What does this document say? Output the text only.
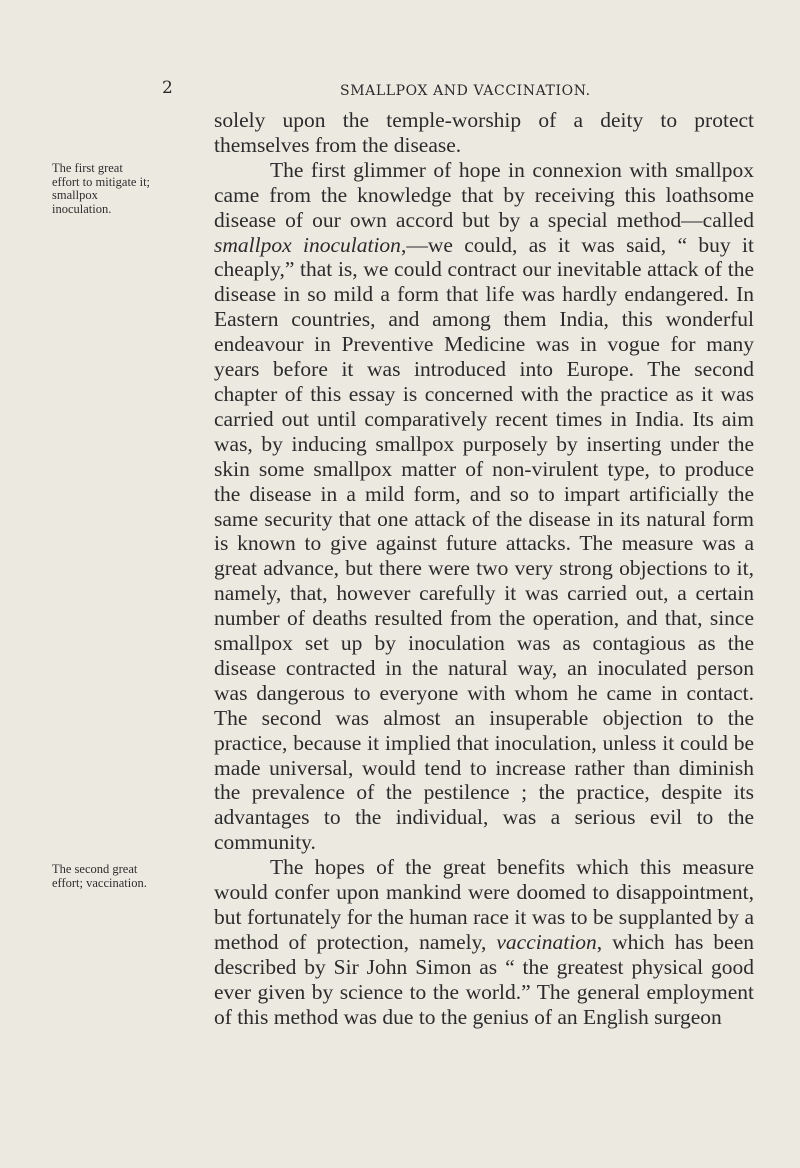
2	SMALLPOX AND VACCINATION.
The first great effort to mitigate it; smallpox inoculation.
The second great effort; vaccination.

solely upon the temple-worship of a deity to protect themselves from the disease.

The first glimmer of hope in connexion with smallpox came from the knowledge that by receiving this loathsome disease of our own accord but by a special method—called smallpox inoculation,—we could, as it was said, “ buy it cheaply,” that is, we could contract our inevitable attack of the disease in so mild a form that life was hardly endangered. In Eastern countries, and among them India, this wonderful endeavour in Preventive Medicine was in vogue for many years before it was introduced into Europe. The second chapter of this essay is concerned with the practice as it was carried out until comparatively recent times in India. Its aim was, by inducing smallpox purposely by inserting under the skin some smallpox matter of non-virulent type, to produce the disease in a mild form, and so to impart artificially the same security that one attack of the disease in its natural form is known to give against future attacks. The measure was a great advance, but there were two very strong objections to it, namely, that, however carefully it was carried out, a certain number of deaths resulted from the operation, and that, since smallpox set up by inoculation was as contagious as the disease contracted in the natural way, an inoculated person was dangerous to everyone with whom he came in contact. The second was almost an insuperable objection to the practice, because it implied that inoculation, unless it could be made universal, would tend to increase rather than diminish the prevalence of the pestilence ; the practice, despite its advantages to the individual, was a serious evil to the community.

The hopes of the great benefits which this measure would confer upon mankind were doomed to disappointment, but fortunately for the human race it was to be supplanted by a method of protection, namely, vaccination, which has been described by Sir John Simon as “ the greatest physical good ever given by science to the world.” The general employment of this method was due to the genius of an English surgeon
